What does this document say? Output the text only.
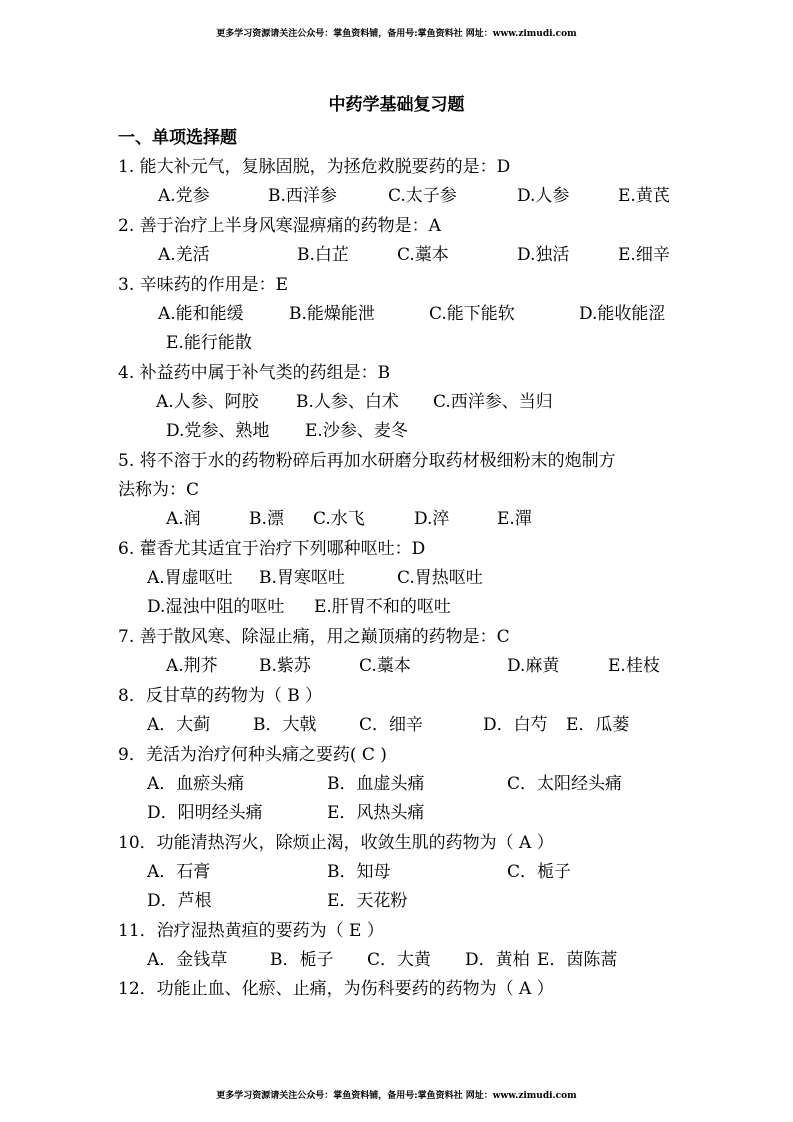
更多学习资源请关注公众号：掌鱼资料铺，备用号:掌鱼资料社 网址：www.zimudi.com
中药学基础复习题
一、单项选择题
1. 能大补元气，复脉固脱，为拯危救脱要药的是：D
A.党参	B.西洋参	C.太子参	D.人参	E.黄芪
2. 善于治疗上半身风寒湿痹痛的药物是：A
A.羌活	B.白芷	C.藁本	D.独活	E.细辛
3. 辛味药的作用是：E
A.能和能缓	B.能燥能泄	C.能下能软	D.能收能涩
E.能行能散
4. 补益药中属于补气类的药组是：B
A.人参、阿胶 B.人参、白术 C.西洋参、当归
D.党参、熟地 E.沙参、麦冬
5. 将不溶于水的药物粉碎后再加水研磨分取药材极细粉末的炮制方
法称为：C
A.润	B.漂 C.水飞	D.淬	E.潬
6. 藿香尤其适宜于治疗下列哪种呕吐：D
A.胃虚呕吐 B.胃寒呕吐	C.胃热呕吐
D.湿浊中阻的呕吐 E.肝胃不和的呕吐
7. 善于散风寒、除湿止痛，用之巅顶痛的药物是：C
A.荆芥 B.紫苏	C.藁本	D.麻黄	E.桂枝
8．反甘草的药物为（ B ）
A．大蓟	B．大戟	C．细辛	D．白芍 E．瓜蒌
9．羌活为治疗何种头痛之要药( C )
A．血瘀头痛	B．血虚头痛	C．太阳经头痛
D．阳明经头痛	E．风热头痛
10．功能清热泻火，除烦止渴，收敛生肌的药物为（ A ）
A．石膏	B．知母	C．栀子
D．芦根	E．天花粉
11．治疗湿热黄疸的要药为（ E ）
A．金钱草	B．栀子 C．大黄 D．黄柏 E．茵陈蒿
12．功能止血、化瘀、止痛，为伤科要药的药物为（ A ）
更多学习资源请关注公众号：掌鱼资料铺，备用号:掌鱼资料社 网址：www.zimudi.com
